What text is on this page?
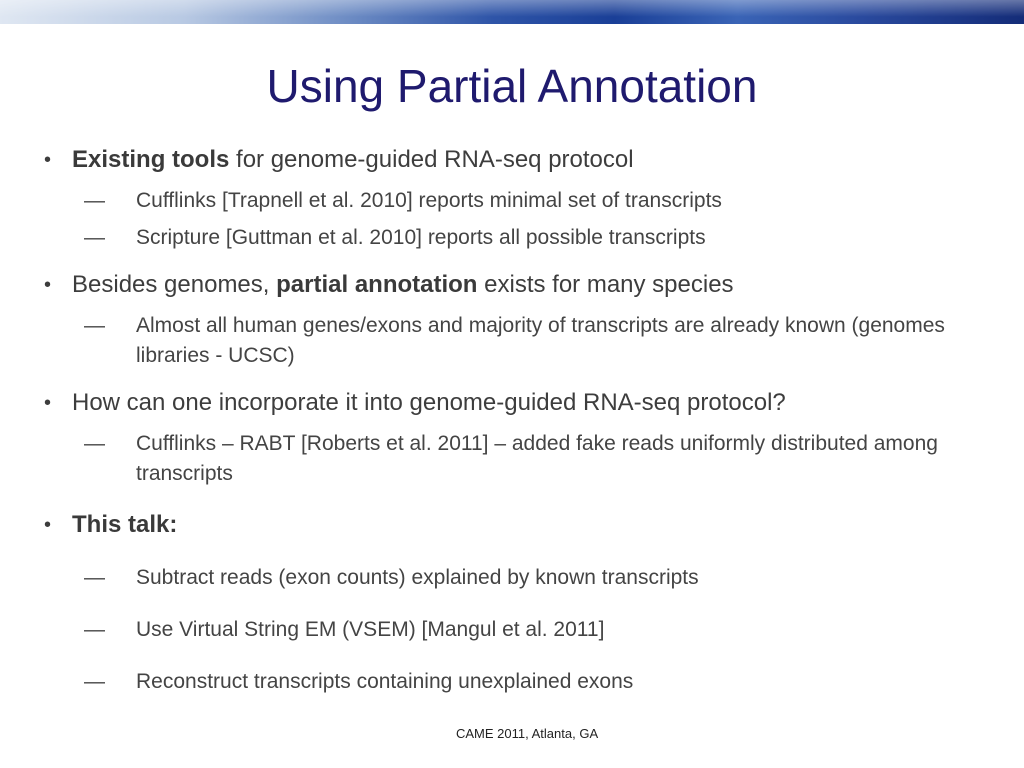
Using Partial Annotation
• Existing tools for genome-guided RNA-seq protocol
— Cufflinks [Trapnell et al. 2010] reports minimal set of transcripts
— Scripture [Guttman et al. 2010] reports all possible transcripts
• Besides genomes, partial annotation exists for many species
— Almost all human genes/exons and majority of transcripts are already known (genomes libraries - UCSC)
• How can one incorporate it into genome-guided RNA-seq protocol?
— Cufflinks – RABT [Roberts et al. 2011] – added fake reads uniformly distributed among transcripts
• This talk:
— Subtract reads (exon counts) explained by known transcripts
— Use Virtual String EM (VSEM) [Mangul et al. 2011]
— Reconstruct transcripts containing unexplained exons
CAME 2011, Atlanta, GA
